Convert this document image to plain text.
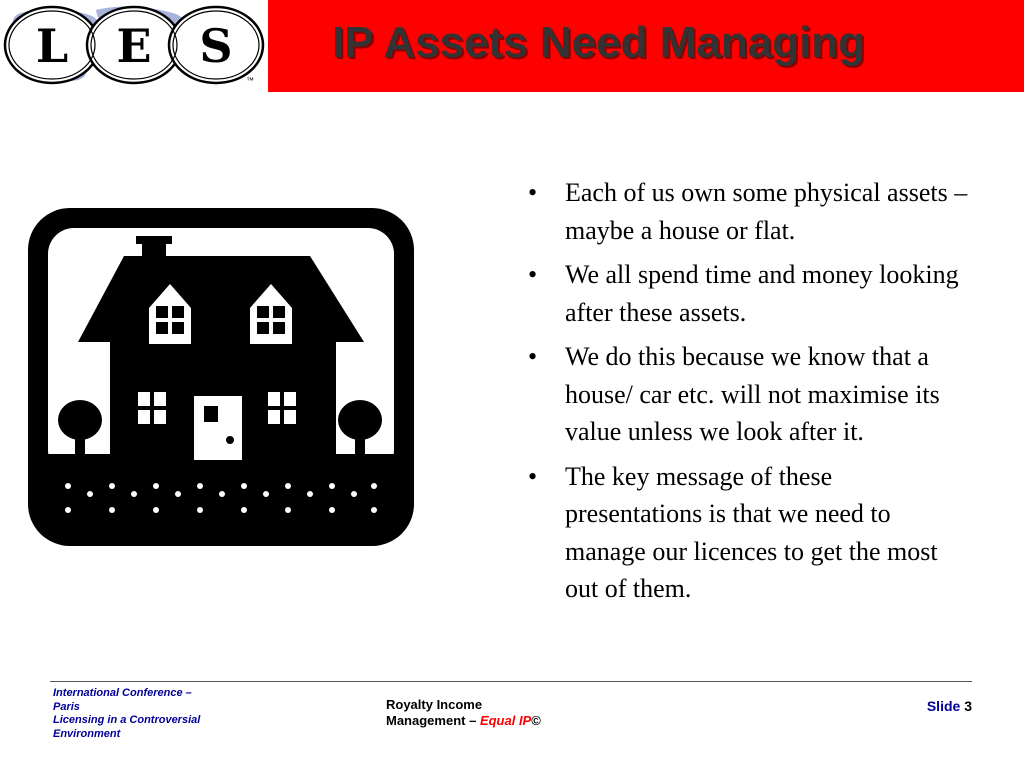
L E S
™
IP Assets Need Managing
• Each of us own some physical assets – maybe a house or flat.
• We all spend time and money looking after these assets.
• We do this because we know that a house/ car etc. will not maximise its value unless we look after it.
• The key message of these presentations is that we need to manage our licences to get the most out of them.
International Conference –
Paris
Licensing in a Controversial
Environment
Royalty Income
Management – Equal IP©
Slide 3
